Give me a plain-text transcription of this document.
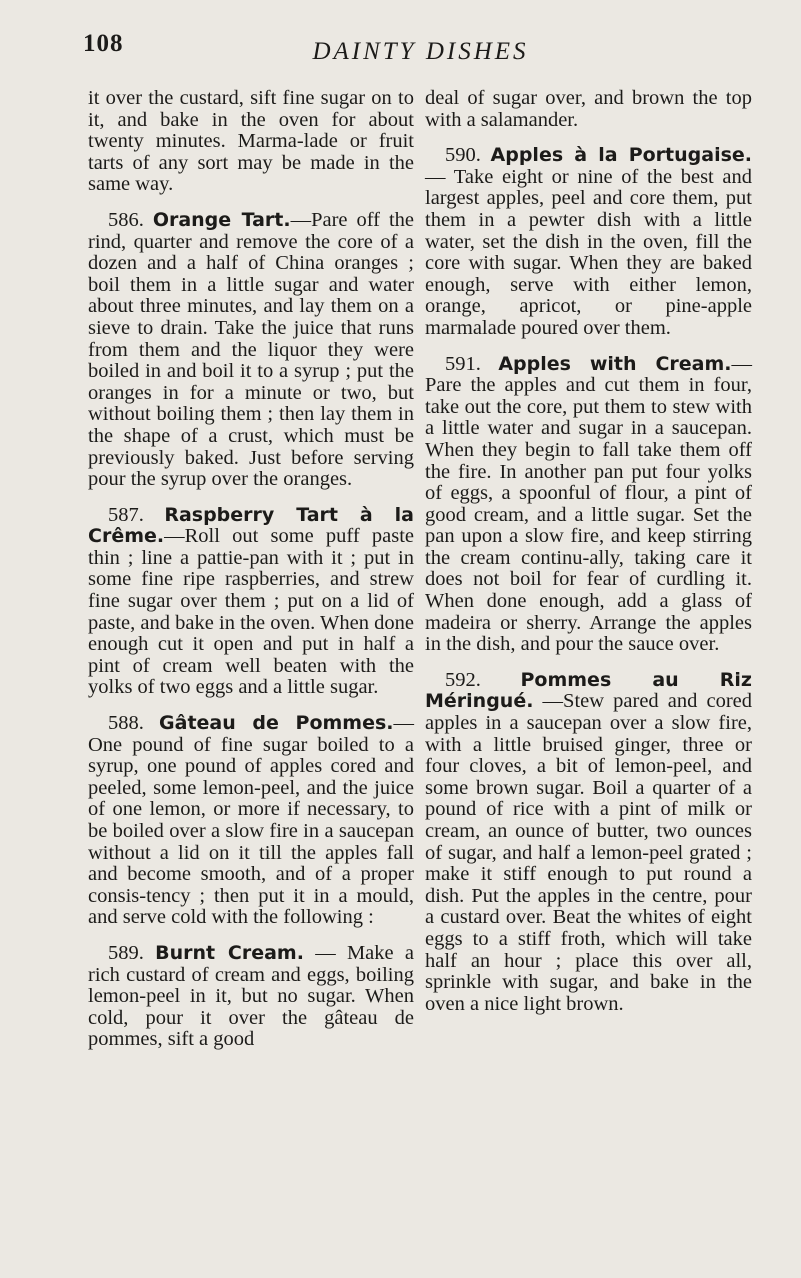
108	DAINTY DISHES

it over the custard, sift fine sugar on to it, and bake in the oven for about twenty minutes. Marma-lade or fruit tarts of any sort may be made in the same way.

586. Orange Tart.—Pare off the rind, quarter and remove the core of a dozen and a half of China oranges ; boil them in a little sugar and water about three minutes, and lay them on a sieve to drain. Take the juice that runs from them and the liquor they were boiled in and boil it to a syrup ; put the oranges in for a minute or two, but without boiling them ; then lay them in the shape of a crust, which must be previously baked. Just before serving pour the syrup over the oranges.

587. Raspberry Tart à la Crême.—Roll out some puff paste thin ; line a pattie-pan with it ; put in some fine ripe raspberries, and strew fine sugar over them ; put on a lid of paste, and bake in the oven. When done enough cut it open and put in half a pint of cream well beaten with the yolks of two eggs and a little sugar.

588. Gâteau de Pommes.— One pound of fine sugar boiled to a syrup, one pound of apples cored and peeled, some lemon-peel, and the juice of one lemon, or more if necessary, to be boiled over a slow fire in a saucepan without a lid on it till the apples fall and become smooth, and of a proper consis-tency ; then put it in a mould, and serve cold with the following :

589. Burnt Cream. — Make a rich custard of cream and eggs, boiling lemon-peel in it, but no sugar. When cold, pour it over the gâteau de pommes, sift a good

deal of sugar over, and brown the top with a salamander.

590. Apples à la Portugaise.— Take eight or nine of the best and largest apples, peel and core them, put them in a pewter dish with a little water, set the dish in the oven, fill the core with sugar. When they are baked enough, serve with either lemon, orange, apricot, or pine-apple marmalade poured over them.

591. Apples with Cream.— Pare the apples and cut them in four, take out the core, put them to stew with a little water and sugar in a saucepan. When they begin to fall take them off the fire. In another pan put four yolks of eggs, a spoonful of flour, a pint of good cream, and a little sugar. Set the pan upon a slow fire, and keep stirring the cream continu-ally, taking care it does not boil for fear of curdling it. When done enough, add a glass of madeira or sherry. Arrange the apples in the dish, and pour the sauce over.

592. Pommes au Riz Méringué. —Stew pared and cored apples in a saucepan over a slow fire, with a little bruised ginger, three or four cloves, a bit of lemon-peel, and some brown sugar. Boil a quarter of a pound of rice with a pint of milk or cream, an ounce of butter, two ounces of sugar, and half a lemon-peel grated ; make it stiff enough to put round a dish. Put the apples in the centre, pour a custard over. Beat the whites of eight eggs to a stiff froth, which will take half an hour ; place this over all, sprinkle with sugar, and bake in the oven a nice light brown.
